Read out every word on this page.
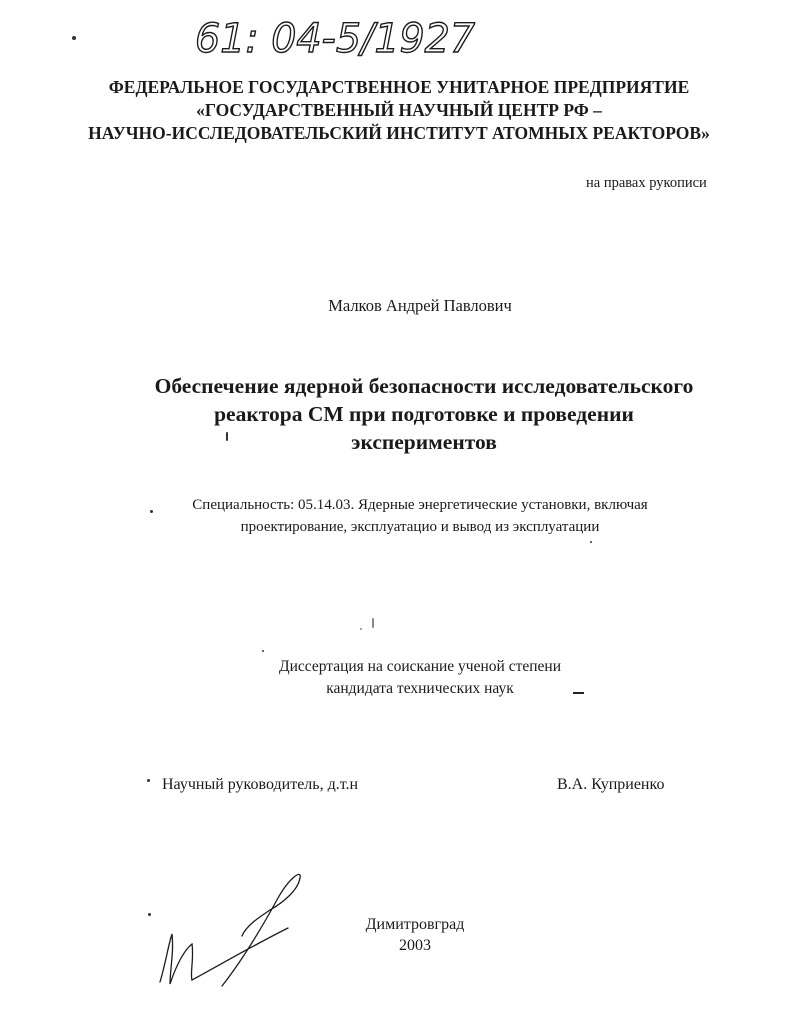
61: 04-5/1927
ФЕДЕРАЛЬНОЕ ГОСУДАРСТВЕННОЕ УНИТАРНОЕ ПРЕДПРИЯТИЕ
«ГОСУДАРСТВЕННЫЙ НАУЧНЫЙ ЦЕНТР РФ –
НАУЧНО-ИССЛЕДОВАТЕЛЬСКИЙ ИНСТИТУТ АТОМНЫХ РЕАКТОРОВ»
на правах рукописи
Малков Андрей Павлович
Обеспечение ядерной безопасности исследовательского
реактора СМ при подготовке и проведении
экспериментов
Специальность: 05.14.03. Ядерные энергетические установки, включая
проектирование, эксплуатацио и вывод из эксплуатации
Диссертация на соискание ученой степени
кандидата технических наук
Научный руководитель, д.т.н	В.А. Куприенко
Димитровград
2003
